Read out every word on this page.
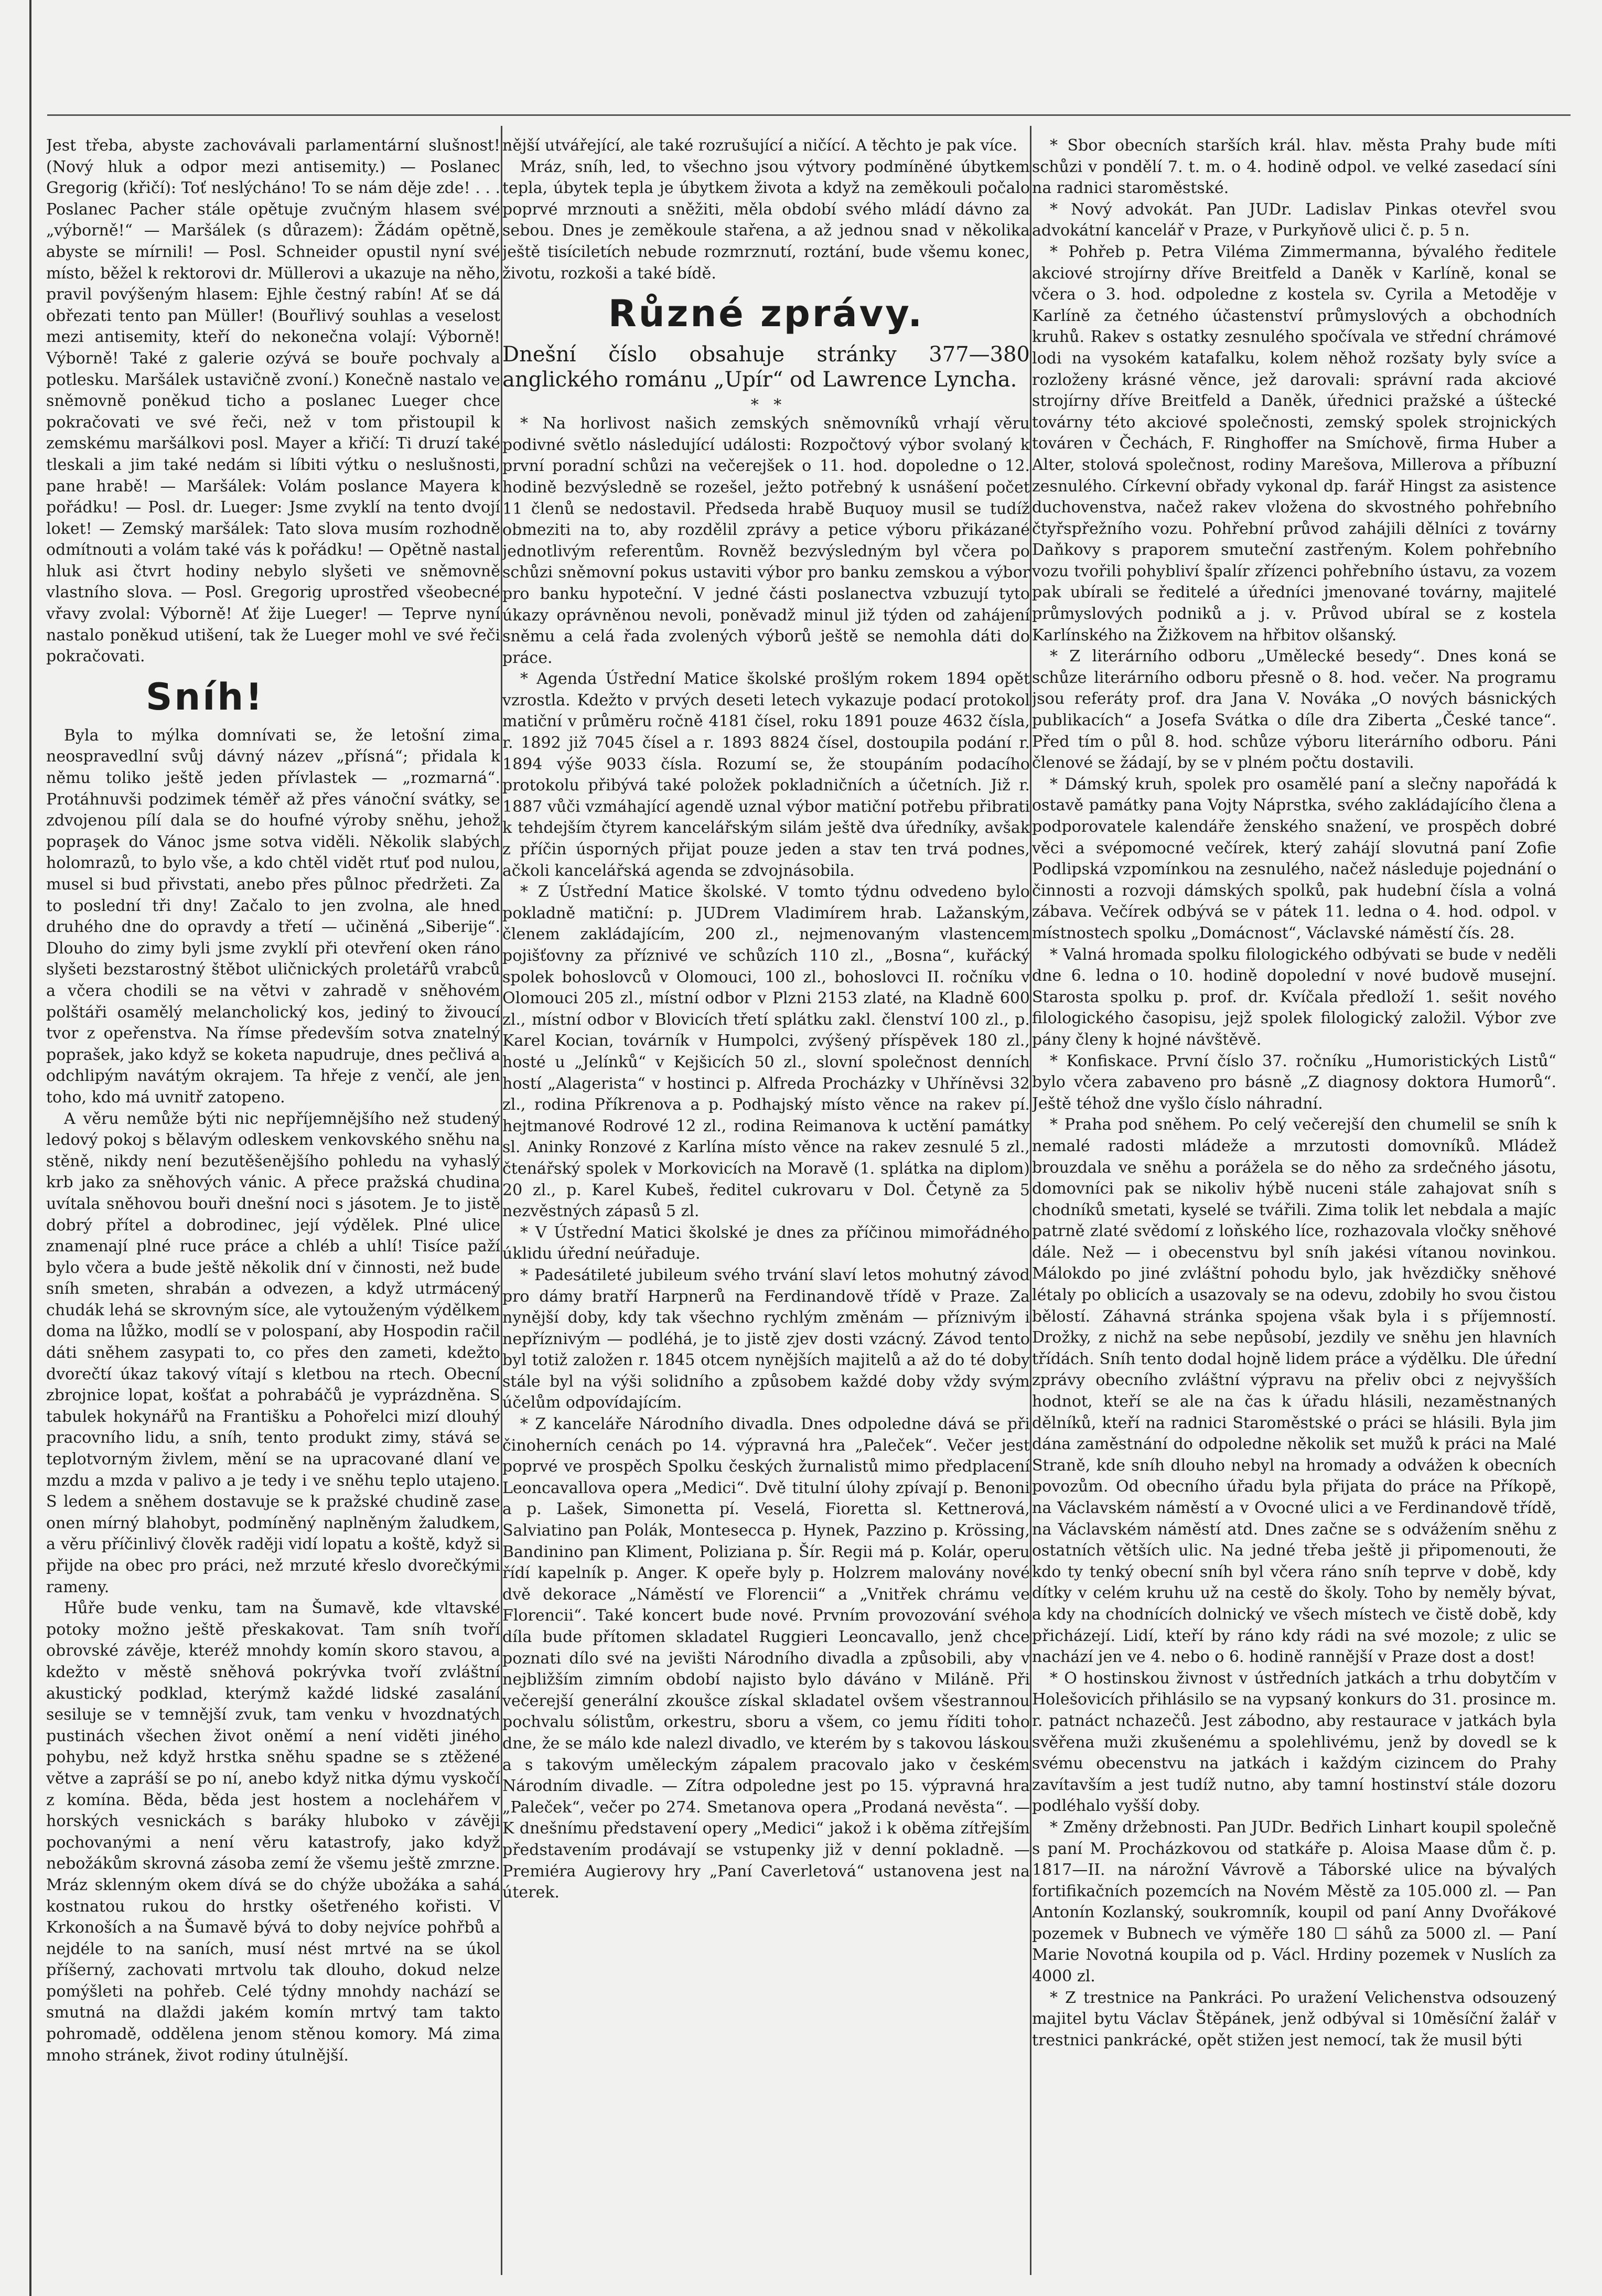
Jest třeba, abyste zachovávali parlamentární slušnost! (Nový hluk a odpor mezi antisemity.) — Poslanec Gregorig (křičí): Toť neslýcháno! To se nám děje zde! . . . Poslanec Pacher stále opětuje zvučným hlasem své „výborně!“ — Maršálek (s důrazem): Žádám opětně, abyste se mírnili! — Posl. Schneider opustil nyní své místo, běžel k rektorovi dr. Müllerovi a ukazuje na něho, pravil povýšeným hlasem: Ejhle čestný rabín! Ať se dá obřezati tento pan Müller! (Bouřlivý souhlas a veselost mezi antisemity, kteří do nekonečna volají: Výborně! Výborně! Také z galerie ozývá se bouře pochvaly a potlesku. Maršálek ustavičně zvoní.) Konečně nastalo ve sněmovně poněkud ticho a poslanec Lueger chce pokračovati ve své řeči, než v tom přistoupil k zemskému maršálkovi posl. Mayer a křičí: Ti druzí také tleskali a jim také nedám si líbiti výtku o neslušnosti, pane hrabě! — Maršálek: Volám poslance Mayera k pořádku! — Posl. dr. Lueger: Jsme zvyklí na tento dvojí loket! — Zemský maršálek: Tato slova musím rozhodně odmítnouti a volám také vás k pořádku! — Opětně nastal hluk asi čtvrt hodiny nebylo slyšeti ve sněmovně vlastního slova. — Posl. Gregorig uprostřed všeobecné vřavy zvolal: Výborně! Ať žije Lueger! — Teprve nyní nastalo poněkud utišení, tak že Lueger mohl ve své řeči pokračovati.

Sníh!

Byla to mýlka domnívati se, že letošní zima neospravedlní svůj dávný název „přísná“; přidala k němu toliko ještě jeden přívlastek — „rozmarná“. Protáhnuvši podzimek téměř až přes vánoční svátky, se zdvojenou pílí dala se do houfné výroby sněhu, jehož popraşek do Vánoc jsme sotva viděli. Několik slabých holomrazů, to bylo vše, a kdo chtěl vidět rtuť pod nulou, musel si bud přivstati, anebo přes půlnoc předržeti. Za to poslední tři dny! Začalo to jen zvolna, ale hned druhého dne do opravdy a třetí — učiněná „Siberije“. Dlouho do zimy byli jsme zvyklí při otevření oken ráno slyšeti bezstarostný štěbot uličnických proletářů vrabců a včera chodili se na větvi v zahradě v sněhovém polštáři osamělý melancholický kos, jediný to živoucí tvor z opeřenstva. Na římse především sotva znatelný poprašek, jako když se koketa napudruje, dnes pečlivá a odchlipým navátým okrajem. Ta hřeje z venčí, ale jen toho, kdo má uvnitř zatopeno.

A věru nemůže býti nic nepříjemnějšího než studený ledový pokoj s bělavým odleskem venkovského sněhu na stěně, nikdy není bezutěšenějšího pohledu na vyhaslý krb jako za sněhových vánic. A přece pražská chudina uvítala sněhovou bouři dnešní noci s jásotem. Je to jistě dobrý přítel a dobrodinec, její výdělek. Plné ulice znamenají plné ruce práce a chléb a uhlí! Tisíce paží bylo včera a bude ještě několik dní v činnosti, než bude sníh smeten, shrabán a odvezen, a když utrmácený chudák lehá se skrovným síce, ale vytouženým výdělkem doma na lůžko, modlí se v polospaní, aby Hospodin račil dáti sněhem zasypati to, co přes den zameti, kdežto dvorečtí úkaz takový vítají s kletbou na rtech. Obecní zbrojnice lopat, košťat a pohrabáčů je vyprázdněna. S tabulek hokynářů na Františku a Pohořelci mizí dlouhý pracovního lidu, a sníh, tento produkt zimy, stává se teplotvorným živlem, mění se na upracované dlaní ve mzdu a mzda v palivo a je tedy i ve sněhu teplo utajeno. S ledem a sněhem dostavuje se k pražské chudině zase onen mírný blahobyt, podmíněný naplněným žaludkem, a věru příčinlivý člověk raději vidí lopatu a koště, když si přijde na obec pro práci, než mrzuté křeslo dvorečkými rameny.

Hůře bude venku, tam na Šumavě, kde vltavské potoky možno ještě přeskakovat. Tam sníh tvoří obrovské závěje, kteréž mnohdy komín skoro stavou, a kdežto v městě sněhová pokrývka tvoří zvláštní akustický podklad, kterýmž každé lidské zasalání sesiluje se v temnější zvuk, tam venku v hvozdnatých pustinách všechen život oněmí a není viděti jiného pohybu, než když hrstka sněhu spadne se s ztěžené větve a zapráší se po ní, anebo když nitka dýmu vyskočí z komína. Běda, běda jest hostem a noclehářem v horských vesnickách s baráky hluboko v závěji pochovanými a není věru katastrofy, jako když nebožákům skrovná zásoba zemí že všemu ještě zmrzne. Mráz sklenným okem dívá se do chýže ubožáka a sahá kostnatou rukou do hrstky ošetřeného kořisti. V Krkonoších a na Šumavě bývá to doby nejvíce pohřbů a nejdéle to na saních, musí nést mrtvé na se úkol příšerný, zachovati mrtvolu tak dlouho, dokud nelze pomýšleti na pohřeb. Celé týdny mnohdy nachází se smutná na dlaždi jakém komín mrtvý tam takto pohromadě, oddělena jenom stěnou komory. Má zima mnoho stránek, život rodiny útulnější.

nější utvářející, ale také rozrušující a ničící. A těchto je pak více.

Mráz, sníh, led, to všechno jsou výtvory podmíněné úbytkem tepla, úbytek tepla je úbytkem života a když na zeměkouli počalo poprvé mrznouti a sněžiti, měla období svého mládí dávno za sebou. Dnes je zeměkoule stařena, a až jednou snad v několika ještě tisíciletích nebude rozmrznutí, roztání, bude všemu konec, životu, rozkoši a také bídě.

Různé zprávy.

Dnešní číslo obsahuje stránky 377—380 anglického románu „Upír“ od Lawrence Lyncha.

*   *

* Na horlivost našich zemských sněmovníků vrhají věru podivné světlo následující události: Rozpočtový výbor svolaný k první poradní schůzi na večerejšek o 11. hod. dopoledne o 12. hodině bezvýsledně se rozešel, ježto potřebný k usnášení počet 11 členů se nedostavil. Předseda hrabě Buquoy musil se tudíž obmeziti na to, aby rozdělil zprávy a petice výboru přikázané jednotlivým referentům. Rovněž bezvýsledným byl včera po schůzi sněmovní pokus ustaviti výbor pro banku zemskou a výbor pro banku hypoteční. V jedné části poslanectva vzbuzují tyto úkazy oprávněnou nevoli, poněvadž minul již týden od zahájení sněmu a celá řada zvolených výborů ještě se nemohla dáti do práce.

* Agenda Ústřední Matice školské prošlým rokem 1894 opět vzrostla. Kdežto v prvých deseti letech vykazuje podací protokol matiční v průměru ročně 4181 čísel, roku 1891 pouze 4632 čísla, r. 1892 již 7045 čísel a r. 1893 8824 čísel, dostoupila podání r. 1894 výše 9033 čísla. Rozumí se, že stoupáním podacího protokolu přibývá také položek pokladničních a účetních. Již r. 1887 vůči vzmáhající agendě uznal výbor matiční potřebu přibrati k tehdejším čtyrem kancelářským silám ještě dva úředníky, avšak z příčin úsporných přijat pouze jeden a stav ten trvá podnes, ačkoli kancelářská agenda se zdvojnásobila.

* Z Ústřední Matice školské. V tomto týdnu odvedeno bylo pokladně matiční: p. JUDrem Vladimírem hrab. Lažanským, členem zakládajícím, 200 zl., nejmenovaným vlastencem pojišťovny za příznivé ve schůzích 110 zl., „Bosna“, kuřácký spolek bohoslovců v Olomouci, 100 zl., bohoslovci II. ročníku v Olomouci 205 zl., místní odbor v Plzni 2153 zlaté, na Kladně 600 zl., místní odbor v Blovicích třetí splátku zakl. členství 100 zl., p. Karel Kocian, továrník v Humpolci, zvýšený příspěvek 180 zl., hosté u „Jelínků“ v Kejšicích 50 zl., slovní společnost denních hostí „Alagerista“ v hostinci p. Alfreda Procházky v Uhříněvsi 32 zl., rodina Příkrenova a p. Podhajský místo věnce na rakev pí. hejtmanové Rodrové 12 zl., rodina Reimanova k uctění památky sl. Aninky Ronzové z Karlína místo věnce na rakev zesnulé 5 zl., čtenářský spolek v Morkovicích na Moravě (1. splátka na diplom) 20 zl., p. Karel Kubeš, ředitel cukrovaru v Dol. Četyně za 5 nezvěstných zápasů 5 zl.

* V Ústřední Matici školské je dnes za příčinou mimořádného úklidu úřední neúřaduje.

* Padesátileté jubileum svého trvání slaví letos mohutný závod pro dámy bratří Harpnerů na Ferdinandově třídě v Praze. Za nynější doby, kdy tak všechno rychlým změnám — příznivým i nepříznivým — podléhá, je to jistě zjev dosti vzácný. Závod tento byl totiž založen r. 1845 otcem nynějších majitelů a až do té doby stále byl na výši solidního a způsobem každé doby vždy svým účelům odpovídajícím.

* Z kanceláře Národního divadla. Dnes odpoledne dává se při činoherních cenách po 14. výpravná hra „Paleček“. Večer jest poprvé ve prospěch Spolku českých žurnalistů mimo předplacení Leoncavallova opera „Medici“. Dvě titulní úlohy zpívají p. Benoni a p. Lašek, Simonetta pí. Veselá, Fioretta sl. Kettnerová, Salviatino pan Polák, Montesecca p. Hynek, Pazzino p. Krössing, Bandinino pan Kliment, Poliziana p. Šír. Regii má p. Kolár, operu řídí kapelník p. Anger. K opeře byly p. Holzrem malovány nové dvě dekorace „Náměstí ve Florencii“ a „Vnitřek chrámu ve Florencii“. Také koncert bude nové. Prvním provozování svého díla bude přítomen skladatel Ruggieri Leoncavallo, jenž chce poznati dílo své na jevišti Národního divadla a způsobili, aby v nejbližším zimním období najisto bylo dáváno v Miláně. Při večerejší generální zkoušce získal skladatel ovšem všestrannou pochvalu sólistům, orkestru, sboru a všem, co jemu říditi toho dne, že se málo kde nalezl divadlo, ve kterém by s takovou láskou a s takovým uměleckým zápalem pracovalo jako v českém Národním divadle. — Zítra odpoledne jest po 15. výpravná hra „Paleček“, večer po 274. Smetanova opera „Prodaná nevěsta“. — K dnešnímu představení opery „Medici“ jakož i k oběma zítřejším představením prodávají se vstupenky již v denní pokladně. — Premiéra Augierovy hry „Paní Caverletová“ ustanovena jest na úterek.

* Sbor obecních starších král. hlav. města Prahy bude míti schůzi v pondělí 7. t. m. o 4. hodině odpol. ve velké zasedací síni na radnici staroměstské.

* Nový advokát. Pan JUDr. Ladislav Pinkas otevřel svou advokátní kancelář v Praze, v Purkyňově ulici č. p. 5 n.

* Pohřeb p. Petra Viléma Zimmermanna, bývalého ředitele akciové strojírny dříve Breitfeld a Daněk v Karlíně, konal se včera o 3. hod. odpoledne z kostela sv. Cyrila a Metoděje v Karlíně za četného účastenství průmyslových a obchodních kruhů. Rakev s ostatky zesnulého spočívala ve střední chrámové lodi na vysokém katafalku, kolem něhož rozšaty byly svíce a rozloženy krásné věnce, jež darovali: správní rada akciové strojírny dříve Breitfeld a Daněk, úřednici pražské a úštecké továrny této akciové společnosti, zemský spolek strojnických továren v Čechách, F. Ringhoffer na Smíchově, firma Huber a Alter, stolová společnost, rodiny Marešova, Millerova a příbuzní zesnulého. Církevní obřady vykonal dp. farář Hingst za asistence duchovenstva, načež rakev vložena do skvostného pohřebního čtyřspřežního vozu. Pohřební průvod zahájili dělníci z továrny Daňkovy s praporem smuteční zastřeným. Kolem pohřebního vozu tvořili pohybliví špalír zřízenci pohřebního ústavu, za vozem pak ubírali se ředitelé a úředníci jmenované továrny, majitelé průmyslových podniků a j. v. Průvod ubíral se z kostela Karlínského na Žižkovem na hřbitov olšanský.

* Z literárního odboru „Umělecké besedy“. Dnes koná se schůze literárního odboru přesně o 8. hod. večer. Na programu jsou referáty prof. dra Jana V. Nováka „O nových básnických publikacích“ a Josefa Svátka o díle dra Ziberta „České tance“. Před tím o půl 8. hod. schůze výboru literárního odboru. Páni členové se žádají, by se v plném počtu dostavili.

* Dámský kruh, spolek pro osamělé paní a slečny napořádá k ostavě památky pana Vojty Náprstka, svého zakládajícího člena a podporovatele kalendáře ženského snažení, ve prospěch dobré věci a svépomocné večírek, který zahájí slovutná paní Zofie Podlipská vzpomínkou na zesnulého, načež následuje pojednání o činnosti a rozvoji dámských spolků, pak hudební čísla a volná zábava. Večírek odbývá se v pátek 11. ledna o 4. hod. odpol. v místnostech spolku „Domácnost“, Václavské náměstí čís. 28.

* Valná hromada spolku filologického odbývati se bude v neděli dne 6. ledna o 10. hodině dopolední v nové budově musejní. Starosta spolku p. prof. dr. Kvíčala předloží 1. sešit nového filologického časopisu, jejž spolek filologický založil. Výbor zve pány členy k hojné návštěvě.

* Konfiskace. První číslo 37. ročníku „Humoristických Listů“ bylo včera zabaveno pro básně „Z diagnosy doktora Humorů“. Ještě téhož dne vyšlo číslo náhradní.

* Praha pod sněhem. Po celý večerejší den chumelil se sníh k nemalé radosti mládeže a mrzutosti domovníků. Mládež brouzdala ve sněhu a porážela se do něho za srdečného jásotu, domovníci pak se nikoliv hýbě nuceni stále zahajovat sníh s chodníků smetati, kyselé se tvářili. Zima tolik let nebdala a majíc patrně zlaté svědomí z loňského líce, rozhazovala vločky sněhové dále. Než — i obecenstvu byl sníh jakési vítanou novinkou. Málokdo po jiné zvláštní pohodu bylo, jak hvězdičky sněhové létaly po oblicích a usazovaly se na odevu, zdobily ho svou čistou bělostí. Záhavná stránka spojena však byla i s příjemností. Drožky, z nichž na sebe nepůsobí, jezdily ve sněhu jen hlavních třídách. Sníh tento dodal hojně lidem práce a výdělku. Dle úřední zprávy obecního zvláštní výpravu na přeliv obci z nejvyšších hodnot, kteří se ale na čas k úřadu hlásili, nezaměstnaných dělníků, kteří na radnici Staroměstské o práci se hlásili. Byla jim dána zaměstnání do odpoledne několik set mužů k práci na Malé Straně, kde sníh dlouho nebyl na hromady a odvážen k obecních povozům. Od obecního úřadu byla přijata do práce na Příkopě, na Václavském náměstí a v Ovocné ulici a ve Ferdinandově třídě, na Václavském náměstí atd. Dnes začne se s odvážením sněhu z ostatních větších ulic. Na jedné třeba ještě ji připomenouti, že kdo ty tenký obecní sníh byl včera ráno sníh teprve v době, kdy dítky v celém kruhu už na cestě do školy. Toho by neměly bývat, a kdy na chodnících dolnický ve všech místech ve čistě době, kdy přicházejí. Lidí, kteří by ráno kdy rádi na své mozole; z ulic se nachází jen ve 4. nebo o 6. hodině rannější v Praze dost a dost!

* O hostinskou živnost v ústředních jatkách a trhu dobytčím v Holešovicích přihlásilo se na vypsaný konkurs do 31. prosince m. r. patnáct nchazečů. Jest zábodno, aby restaurace v jatkách byla svěřena muži zkušenému a spolehlivému, jenž by dovedl se k svému obecenstvu na jatkách i každým cizincem do Prahy zavítavším a jest tudíž nutno, aby tamní hostinství stále dozoru podléhalo vyšší doby.

* Změny držebnosti. Pan JUDr. Bedřich Linhart koupil společně s paní M. Procházkovou od statkáře p. Aloisa Maase dům č. p. 1817—II. na nárožní Vávrově a Táborské ulice na bývalých fortifikačních pozemcích na Novém Městě za 105.000 zl. — Pan Antonín Kozlanský, soukromník, koupil od paní Anny Dvořákové pozemek v Bubnech ve výměře 180 ☐ sáhů za 5000 zl. — Paní Marie Novotná koupila od p. Václ. Hrdiny pozemek v Nuslích za 4000 zl.

* Z trestnice na Pankráci. Po uražení Velichenstva odsouzený majitel bytu Václav Štěpánek, jenž odbýval si 10měsíční žalář v trestnici pankrácké, opět stižen jest nemocí, tak že musil býti
